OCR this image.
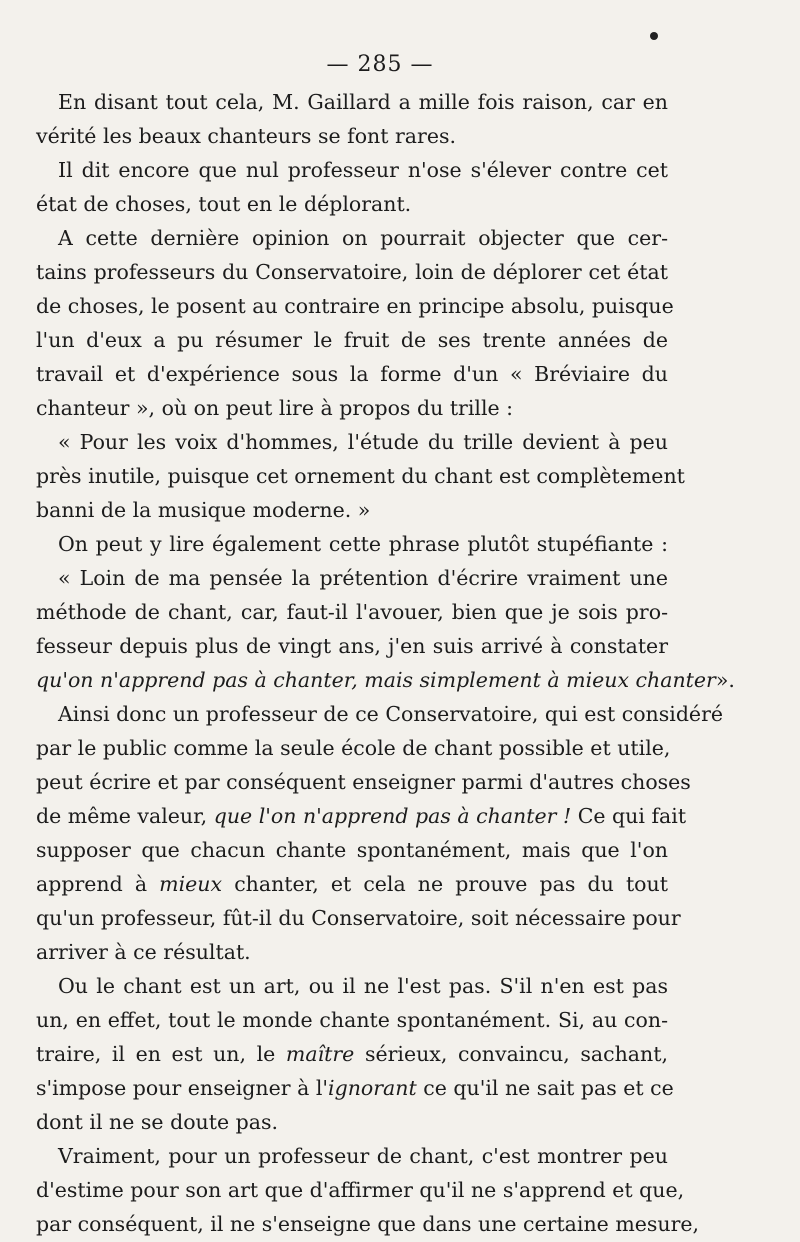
— 285 —
En disant tout cela, M. Gaillard a mille fois raison, car en
vérité les beaux chanteurs se font rares.
Il dit encore que nul professeur n'ose s'élever contre cet
état de choses, tout en le déplorant.
A cette dernière opinion on pourrait objecter que cer-
tains professeurs du Conservatoire, loin de déplorer cet état
de choses, le posent au contraire en principe absolu, puisque
l'un d'eux a pu résumer le fruit de ses trente années de
travail et d'expérience sous la forme d'un « Bréviaire du
chanteur », où on peut lire à propos du trille :
« Pour les voix d'hommes, l'étude du trille devient à peu
près inutile, puisque cet ornement du chant est complètement
banni de la musique moderne. »
On peut y lire également cette phrase plutôt stupéfiante :
« Loin de ma pensée la prétention d'écrire vraiment une
méthode de chant, car, faut-il l'avouer, bien que je sois pro-
fesseur depuis plus de vingt ans, j'en suis arrivé à constater
qu'on n'apprend pas à chanter, mais simplement à mieux chanter».
Ainsi donc un professeur de ce Conservatoire, qui est considéré
par le public comme la seule école de chant possible et utile,
peut écrire et par conséquent enseigner parmi d'autres choses
de même valeur, que l'on n'apprend pas à chanter ! Ce qui fait
supposer que chacun chante spontanément, mais que l'on
apprend à mieux chanter, et cela ne prouve pas du tout
qu'un professeur, fût-il du Conservatoire, soit nécessaire pour
arriver à ce résultat.
Ou le chant est un art, ou il ne l'est pas. S'il n'en est pas
un, en effet, tout le monde chante spontanément. Si, au con-
traire, il en est un, le maître sérieux, convaincu, sachant,
s'impose pour enseigner à l'ignorant ce qu'il ne sait pas et ce
dont il ne se doute pas.
Vraiment, pour un professeur de chant, c'est montrer peu
d'estime pour son art que d'affirmer qu'il ne s'apprend et que,
par conséquent, il ne s'enseigne que dans une certaine mesure,
